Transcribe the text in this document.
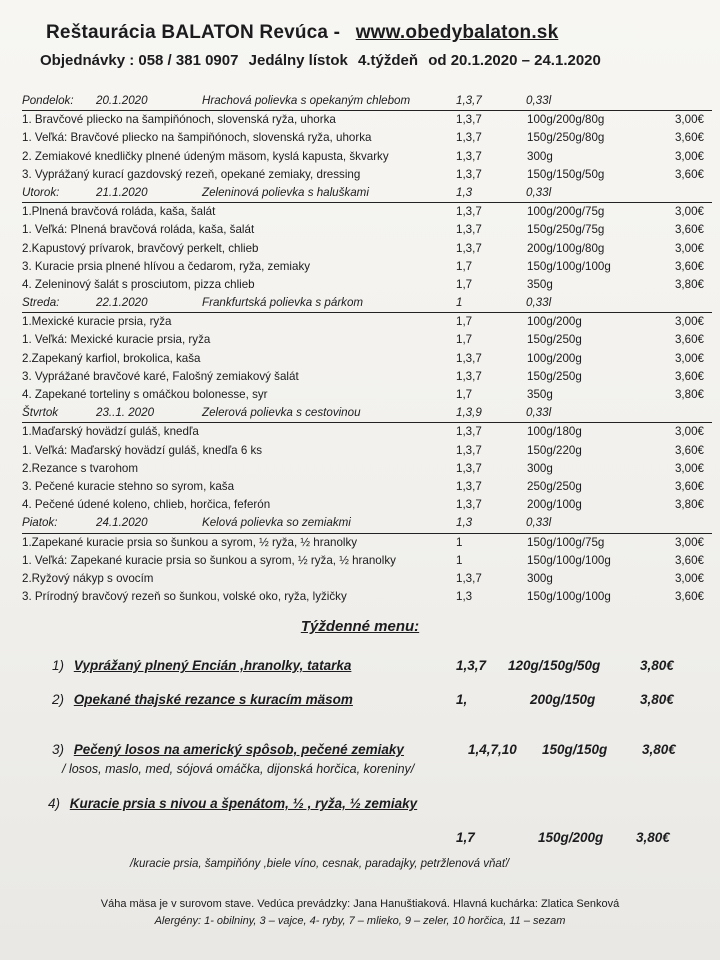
Reštaurácia BALATON Revúca - www.obedybalaton.sk
Objednávky : 058 / 381 0907 Jedálny lístok 4.týždeň od 20.1.2020 – 24.1.2020
Pondelok: 20.1.2020	Hrachová polievka s opekaným chlebom	1,3,7	0,33l
1. Bravčové pliecko na šampiňónoch, slovenská ryža, uhorka	1,3,7	100g/200g/80g	3,00€
1. Veľká: Bravčové pliecko na šampiňónoch, slovenská ryža, uhorka	1,3,7	150g/250g/80g	3,60€
2. Zemiakové knedličky plnené údeným mäsom, kyslá kapusta, škvarky	1,3,7	300g	3,00€
3. Vyprážaný kurací gazdovský rezeň, opekané zemiaky, dressing	1,3,7	150g/150g/50g	3,60€
Utorok:	21.1.2020	Zeleninová polievka s haluškami	1,3	0,33l
1.Plnená bravčová roláda, kaša, šalát	1,3,7	100g/200g/75g	3,00€
1. Veľká: Plnená bravčová roláda, kaša, šalát	1,3,7	150g/250g/75g	3,60€
2.Kapustový prívarok, bravčový perkelt, chlieb	1,3,7	200g/100g/80g	3,00€
3. Kuracie prsia plnené hlívou a čedarom, ryža, zemiaky	1,7	150g/100g/100g	3,60€
4. Zeleninový šalát s prosciutom, pizza chlieb	1,7	350g	3,80€
Streda:	22.1.2020	Frankfurtská polievka s párkom	1	0,33l
1.Mexické kuracie prsia, ryža	1,7	100g/200g	3,00€
1. Veľká: Mexické kuracie prsia, ryža	1,7	150g/250g	3,60€
2.Zapekaný karfiol, brokolica, kaša	1,3,7	100g/200g	3,00€
3. Vyprážané bravčové karé, Falošný zemiakový šalát	1,3,7	150g/250g	3,60€
4. Zapekané torteliny s omáčkou bolonesse, syr	1,7	350g	3,80€
Štvrtok	23..1. 2020	Zelerová polievka s cestovinou	1,3,9	0,33l
1.Maďarský hovädzí guláš, knedľa	1,3,7	100g/180g	3,00€
1. Veľká: Maďarský hovädzí guláš, knedľa 6 ks	1,3,7	150g/220g	3,60€
2.Rezance s tvarohom	1,3,7	300g	3,00€
3. Pečené kuracie stehno so syrom, kaša	1,3,7	250g/250g	3,60€
4. Pečené údené koleno, chlieb, horčica, feferón	1,3,7	200g/100g	3,80€
Piatok:	24.1.2020	Kelová polievka so zemiakmi	1,3	0,33l
1.Zapekané kuracie prsia so šunkou a syrom, ½ ryža, ½ hranolky	1	150g/100g/75g	3,00€
1. Veľká: Zapekané kuracie prsia so šunkou a syrom, ½ ryža, ½ hranolky	1	150g/100g/100g	3,60€
2.Ryžový nákyp s ovocím	1,3,7	300g	3,00€
3. Prírodný bravčový rezeň so šunkou, volské oko, ryža, lyžičky	1,3	150g/100g/100g	3,60€
Týždenné menu:
1) Vyprážaný plnený Encián ,hranolky, tatarka	1,3,7 120g/150g/50g	3,80€
2) Opekané thajské rezance s kuracím mäsom	1,	200g/150g	3,80€
3) Pečený losos na americký spôsob, pečené zemiaky	1,4,7,10 150g/150g	3,80€
/ losos, maslo, med, sójová omáčka, dijonská horčica, koreniny/
4) Kuracie prsia s nivou a špenátom, ½ , ryža, ½ zemiaky
1,7	150g/200g 3,80€
/kuracie prsia, šampiňóny ,biele víno, cesnak, paradajky, petržlenová vňať/
Váha mäsa je v surovom stave. Vedúca prevádzky: Jana Hanuštiaková. Hlavná kuchárka: Zlatica Senková
Alergény: 1- obilniny, 3 – vajce, 4- ryby, 7 – mlieko, 9 – zeler, 10 horčica, 11 – sezam
